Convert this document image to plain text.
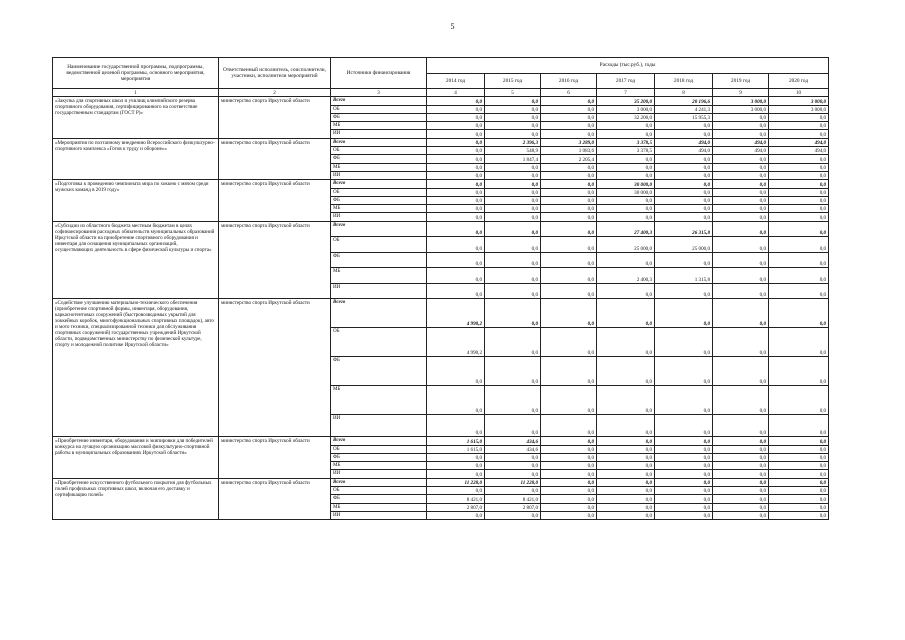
5
Наименование государственной программы, подпрограммы, ведомственной целевой программы, основного мероприятия, мероприятия	Ответственный исполнитель, соисполнители, участники, исполнители мероприятий	Источники финансирования	Расходы (тыс.руб.), годы						
			2014 год	2015 год	2016 год	2017 год	2018 год	2019 год	2020 год
1	2	3	4	5	6	7	8	9	10
«Закупка для спортивных школ и училищ олимпийского резерва спортивного оборудования, сертифицированного на соответствие государственным стандартам (ГОСТ Р)»	министерство спорта Иркутской области	Всего	0,0	0,0	0,0	35 200,0	20 196,6	3 000,0	3 000,0
		ОБ	0,0	0,0	0,0	3 000,0	4 241,3	3 000,0	3 000,0
		ФБ	0,0	0,0	0,0	32 200,0	15 955,3	0,0	0,0
		МБ	0,0	0,0	0,0	0,0	0,0	0,0	0,0
		ИИ	0,0	0,0	0,0	0,0	0,0	0,0	0,0
«Мероприятия по поэтапному внедрению Всероссийского физкультурно-спортивного комплекса «Готов к труду и обороне»»	министерство спорта Иркутской области	Всего	0,0	2 396,3	3 289,0	3 378,5	494,0	494,0	494,0
		ОБ	0,0	548,9	1 083,6	3 378,5	494,0	494,0	494,0
		ФБ	0,0	1 847,4	2 205,4	0,0	0,0	0,0	0,0
		МБ	0,0	0,0	0,0	0,0	0,0	0,0	0,0
		ИИ	0,0	0,0	0,0	0,0	0,0	0,0	0,0
«Подготовка к проведению чемпионата мира по хоккею с мячом среди мужских команд в 2019 году»	министерство спорта Иркутской области	Всего	0,0	0,0	0,0	30 000,0	0,0	0,0	0,0
		ОБ	0,0	0,0	0,0	30 000,0	0,0	0,0	0,0
		ФБ	0,0	0,0	0,0	0,0	0,0	0,0	0,0
		МБ	0,0	0,0	0,0	0,0	0,0	0,0	0,0
		ИИ	0,0	0,0	0,0	0,0	0,0	0,0	0,0
«Субсидии из областного бюджета местным бюджетам в целях софинансирования расходных обязательств муниципальных образований Иркутской области на приобретение спортивного оборудования и инвентаря для оснащения муниципальных организаций, осуществляющих деятельность в сфере физической культуры и спорта»	министерство спорта Иркутской области	Всего	0,0	0,0	0,0	27 400,3	26 315,8	0,0	0,0
		ОБ	0,0	0,0	0,0	25 000,0	25 000,0	0,0	0,0
		ФБ	0,0	0,0	0,0	0,0	0,0	0,0	0,0
		МБ	0,0	0,0	0,0	2 400,3	1 315,8	0,0	0,0
		ИИ	0,0	0,0	0,0	0,0	0,0	0,0	0,0
«Содействие улучшению материально-технического обеспечения (приобретение спортивной формы, инвентаря, оборудования, каркаснотентовых сооружений (быстровозводимых укрытий для хоккейных коробок, многофункциональных спортивных площадок), авто и мото техники, специализированной техники для обслуживания спортивных сооружений) государственных учреждений Иркутской области, подведомственных министерству по физической культуре, спорту и молодежной политике Иркутской области»	министерство спорта Иркутской области	Всего	4 990,2	0,0	0,0	0,0	0,0	0,0	0,0
		ОБ	4 990,2	0,0	0,0	0,0	0,0	0,0	0,0
		ФБ	0,0	0,0	0,0	0,0	0,0	0,0	0,0
		МБ	0,0	0,0	0,0	0,0	0,0	0,0	0,0
		ИИ	0,0	0,0	0,0	0,0	0,0	0,0	0,0
«Приобретение инвентаря, оборудования и экипировки для победителей конкурса на лучшую организацию массовой физкультурно-спортивной работы в муниципальных образованиях Иркутской области»	министерство спорта Иркутской области	Всего	1 615,0	434,6	0,0	0,0	0,0	0,0	0,0
		ОБ	1 615,0	434,6	0,0	0,0	0,0	0,0	0,0
		ФБ	0,0	0,0	0,0	0,0	0,0	0,0	0,0
		МБ	0,0	0,0	0,0	0,0	0,0	0,0	0,0
		ИИ	0,0	0,0	0,0	0,0	0,0	0,0	0,0
«Приобретение искусственного футбольного покрытия для футбольных полей профильных спортивных школ, включая его доставку и сертификацию полей»	министерство спорта Иркутской области	Всего	11 228,0	11 228,0	0,0	0,0	0,0	0,0	0,0
		ОБ	0,0	0,0	0,0	0,0	0,0	0,0	0,0
		ФБ	8 421,0	8 421,0	0,0	0,0	0,0	0,0	0,0
		МБ	2 807,0	2 807,0	0,0	0,0	0,0	0,0	0,0
		ИИ	0,0	0,0	0,0	0,0	0,0	0,0	0,0
